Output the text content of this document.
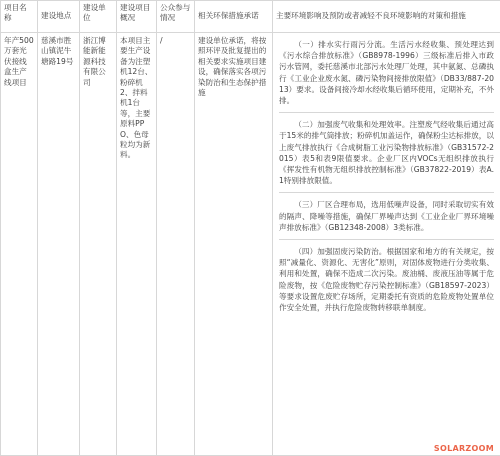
项目名称	建设地点	建设单位	建设项目概况	公众参与情况	相关环保措施承诺	主要环境影响及预防或者减轻不良环境影响的对策和措施
年产500万套光伏接线盒生产线项目	慈溪市胜山镇泥牛塘路19号	浙江博能新能源科技有限公司	本项目主要生产设备为注塑机12台、粉碎机2、拌料机1台等，主要原料PPO、色母粒均为新料。	/	建设单位承诺，将按照环评及批复提出的相关要求实施项目建设，确保落实各项污染防治和生态保护措施	（一）排水实行雨污分流。生活污水经收集、预处理达到《污水综合排放标准》（GB8978-1996）三级标准后排入市政污水管网，委托慈溪市北部污水处理厂处理，其中氨氮、总磷执行《工业企业废水氮、磷污染物间接排放限值》（DB33/887-2013）要求。设备间接冷却水经收集后循环使用，定期补充，不外排。

（二）加强废气收集和处理效率。注塑废气经收集后通过高于15米的排气筒排放；粉碎机加盖运作，确保粉尘达标排放，以上废气排放执行《合成树脂工业污染物排放标准》（GB31572-2015）表5和表9限值要求。企业厂区内VOCs无组织排放执行《挥发性有机物无组织排放控制标准》（GB37822-2019）表A.1特别排放限值。

（三）厂区合理布局，选用低噪声设备，同时采取切实有效的隔声、降噪等措施，确保厂界噪声达到《工业企业厂界环境噪声排放标准》（GB12348-2008）3类标准。

（四）加强固废污染防治。根据国家和地方的有关规定，按照“减量化、资源化、无害化”原则，对固体废物进行分类收集、利用和处置，确保不造成二次污染。废油桶、废液压油等属于危险废物，按《危险废物贮存污染控制标准》（GB18597-2023）等要求设置危废贮存场所，定期委托有资质的危险废物处置单位作安全处置，并执行危险废物转移联单制度。

SOLARZOOM
